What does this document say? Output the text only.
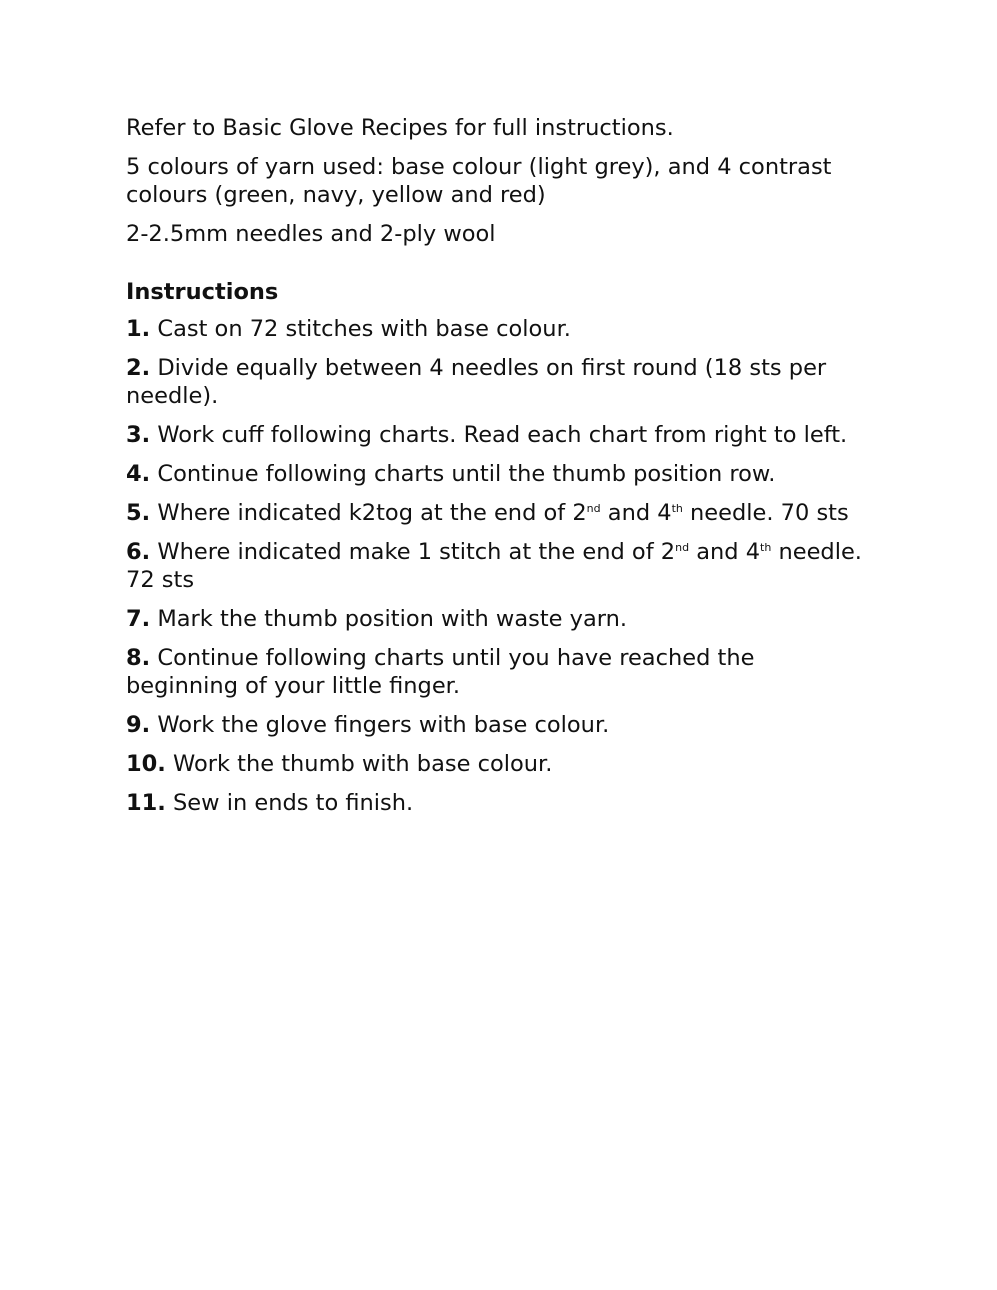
Refer to Basic Glove Recipes for full instructions.

5 colours of yarn used: base colour (light grey), and 4 contrast colours (green, navy, yellow and red)

2-2.5mm needles and 2-ply wool

Instructions

1. Cast on 72 stitches with base colour.

2. Divide equally between 4 needles on first round (18 sts per needle).

3. Work cuff following charts. Read each chart from right to left.

4. Continue following charts until the thumb position row.

5. Where indicated k2tog at the end of 2nd and 4th needle. 70 sts

6. Where indicated make 1 stitch at the end of 2nd and 4th needle. 72 sts

7. Mark the thumb position with waste yarn.

8. Continue following charts until you have reached the beginning of your little finger.

9. Work the glove fingers with base colour.

10. Work the thumb with base colour.

11. Sew in ends to finish.
